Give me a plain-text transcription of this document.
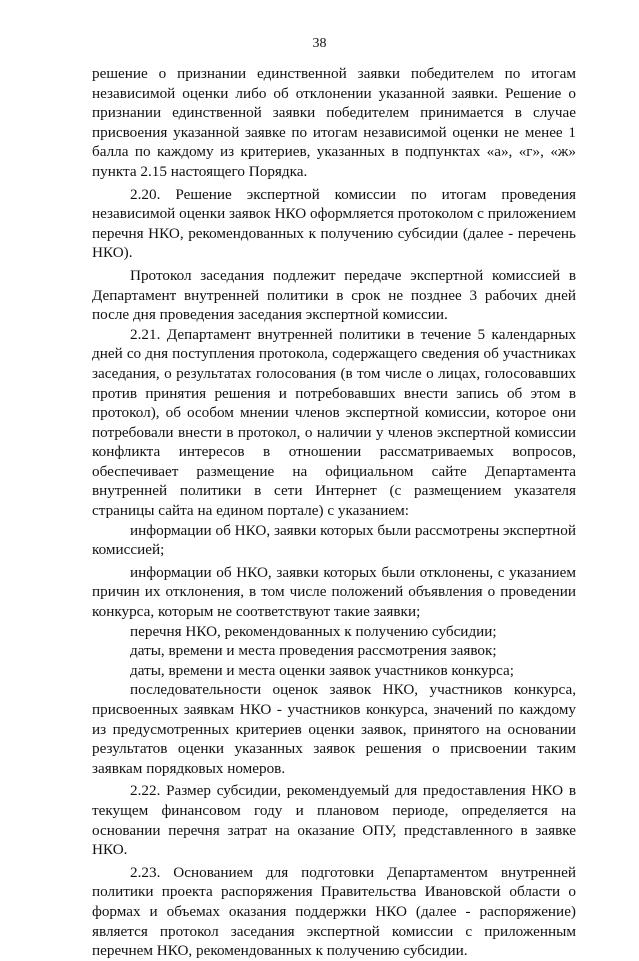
38

решение о признании единственной заявки победителем по итогам независимой оценки либо об отклонении указанной заявки. Решение о признании единственной заявки победителем принимается в случае присвоения указанной заявке по итогам независимой оценки не менее 1 балла по каждому из критериев, указанных в подпунктах «а», «г», «ж» пункта 2.15 настоящего Порядка.

2.20. Решение экспертной комиссии по итогам проведения независимой оценки заявок НКО оформляется протоколом с приложением перечня НКО, рекомендованных к получению субсидии (далее - перечень НКО).

Протокол заседания подлежит передаче экспертной комиссией в Департамент внутренней политики в срок не позднее 3 рабочих дней после дня проведения заседания экспертной комиссии.

2.21. Департамент внутренней политики в течение 5 календарных дней со дня поступления протокола, содержащего сведения об участниках заседания, о результатах голосования (в том числе о лицах, голосовавших против принятия решения и потребовавших внести запись об этом в протокол), об особом мнении членов экспертной комиссии, которое они потребовали внести в протокол, о наличии у членов экспертной комиссии конфликта интересов в отношении рассматриваемых вопросов, обеспечивает размещение на официальном сайте Департамента внутренней политики в сети Интернет (с размещением указателя страницы сайта на едином портале) с указанием:

информации об НКО, заявки которых были рассмотрены экспертной комиссией;

информации об НКО, заявки которых были отклонены, с указанием причин их отклонения, в том числе положений объявления о проведении конкурса, которым не соответствуют такие заявки;

перечня НКО, рекомендованных к получению субсидии;

даты, времени и места проведения рассмотрения заявок;

даты, времени и места оценки заявок участников конкурса;

последовательности оценок заявок НКО, участников конкурса, присвоенных заявкам НКО - участников конкурса, значений по каждому из предусмотренных критериев оценки заявок, принятого на основании результатов оценки указанных заявок решения о присвоении таким заявкам порядковых номеров.

2.22. Размер субсидии, рекомендуемый для предоставления НКО в текущем финансовом году и плановом периоде, определяется на основании перечня затрат на оказание ОПУ, представленного в заявке НКО.

2.23. Основанием для подготовки Департаментом внутренней политики проекта распоряжения Правительства Ивановской области о формах и объемах оказания поддержки НКО (далее - распоряжение) является протокол заседания экспертной комиссии с приложенным перечнем НКО, рекомендованных к получению субсидии.
